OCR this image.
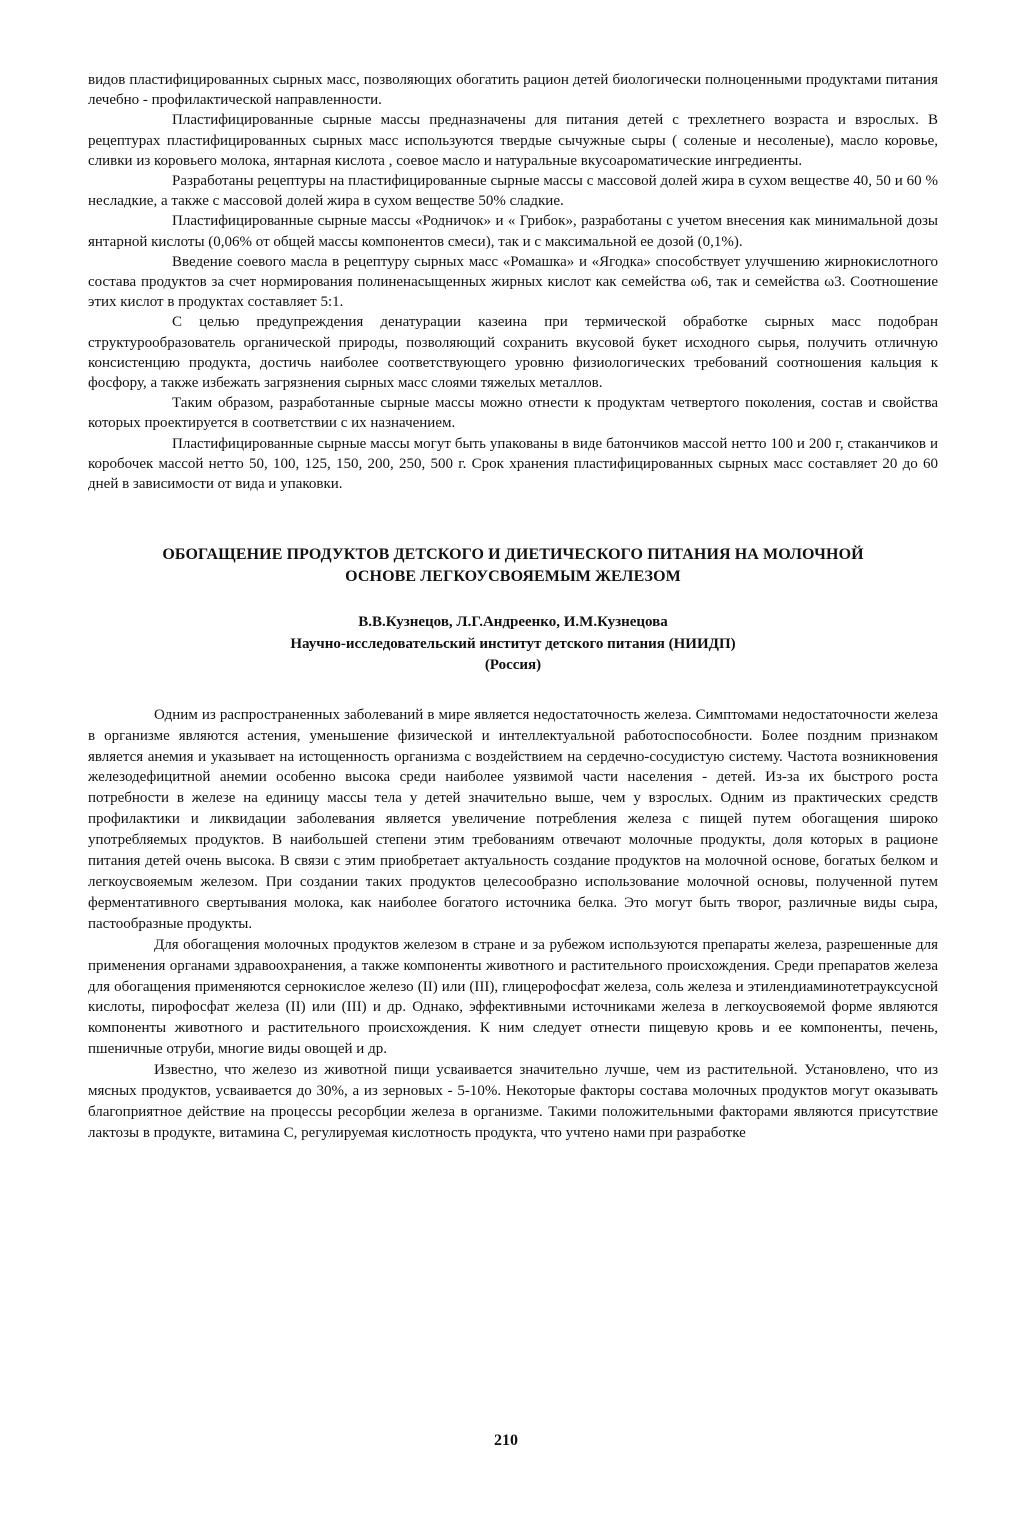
видов пластифицированных сырных масс, позволяющих обогатить рацион детей биологически полноценными продуктами питания лечебно - профилактической направленности.

Пластифицированные сырные массы предназначены для питания детей с трехлетнего возраста и взрослых. В рецептурах пластифицированных сырных масс используются твердые сычужные сыры ( соленые и несоленые), масло коровье, сливки из коровьего молока, янтарная кислота , соевое масло и натуральные вкусоароматические ингредиенты.

Разработаны рецептуры на пластифицированные сырные массы с массовой долей жира в сухом веществе 40, 50 и 60 % несладкие, а также с массовой долей жира в сухом веществе 50% сладкие.

Пластифицированные сырные массы «Родничок» и « Грибок», разработаны с учетом внесения как минимальной дозы янтарной кислоты (0,06% от общей массы компонентов смеси), так и с максимальной ее дозой (0,1%).

Введение соевого масла в рецептуру сырных масс «Ромашка» и «Ягодка» способствует улучшению жирнокислотного состава продуктов за счет нормирования полиненасыщенных жирных кислот как семейства ω6, так и семейства ω3. Соотношение этих кислот в продуктах составляет 5:1.

С целью предупреждения денатурации казеина при термической обработке сырных масс подобран структурообразователь органической природы, позволяющий сохранить вкусовой букет исходного сырья, получить отличную консистенцию продукта, достичь наиболее соответствующего уровню физиологических требований соотношения кальция к фосфору, а также избежать загрязнения сырных масс слоями тяжелых металлов.

Таким образом, разработанные сырные массы можно отнести к продуктам четвертого поколения, состав и свойства которых проектируется в соответствии с их назначением.

Пластифицированные сырные массы могут быть упакованы в виде батончиков массой нетто 100 и 200 г, стаканчиков и коробочек массой нетто 50, 100, 125, 150, 200, 250, 500 г. Срок хранения пластифицированных сырных масс составляет 20 до 60 дней в зависимости от вида и упаковки.

ОБОГАЩЕНИЕ ПРОДУКТОВ ДЕТСКОГО И ДИЕТИЧЕСКОГО ПИТАНИЯ НА МОЛОЧНОЙ
ОСНОВЕ ЛЕГКОУСВОЯЕМЫМ ЖЕЛЕЗОМ
В.В.Кузнецов, Л.Г.Андреенко, И.М.Кузнецова
Научно-исследовательский институт детского питания (НИИДП)
(Россия)

Одним из распространенных заболеваний в мире является недостаточность железа. Симптомами недостаточности железа в организме являются астения, уменьшение физической и интеллектуальной работоспособности. Более поздним признаком является анемия и указывает на истощенность организма с воздействием на сердечно-сосудистую систему. Частота возникновения железодефицитной анемии особенно высока среди наиболее уязвимой части населения - детей. Из-за их быстрого роста потребности в железе на единицу массы тела у детей значительно выше, чем у взрослых. Одним из практических средств профилактики и ликвидации заболевания является увеличение потребления железа с пищей путем обогащения широко употребляемых продуктов. В наибольшей степени этим требованиям отвечают молочные продукты, доля которых в рационе питания детей очень высока. В связи с этим приобретает актуальность создание продуктов на молочной основе, богатых белком и легкоусвояемым железом. При создании таких продуктов целесообразно использование молочной основы, полученной путем ферментативного свертывания молока, как наиболее богатого источника белка. Это могут быть творог, различные виды сыра, пастообразные продукты.

Для обогащения молочных продуктов железом в стране и за рубежом используются препараты железа, разрешенные для применения органами здравоохранения, а также компоненты животного и растительного происхождения. Среди препаратов железа для обогащения применяются сернокислое железо (II) или (III), глицерофосфат железа, соль железа и этилендиаминотетрауксусной кислоты, пирофосфат железа (II) или (III) и др. Однако, эффективными источниками железа в легкоусвояемой форме являются компоненты животного и растительного происхождения. К ним следует отнести пищевую кровь и ее компоненты, печень, пшеничные отруби, многие виды овощей и др.

Известно, что железо из животной пищи усваивается значительно лучше, чем из растительной. Установлено, что из мясных продуктов, усваивается до 30%, а из зерновых - 5-10%. Некоторые факторы состава молочных продуктов могут оказывать благоприятное действие на процессы ресорбции железа в организме. Такими положительными факторами являются присутствие лактозы в продукте, витамина С, регулируемая кислотность продукта, что учтено нами при разработке

210
